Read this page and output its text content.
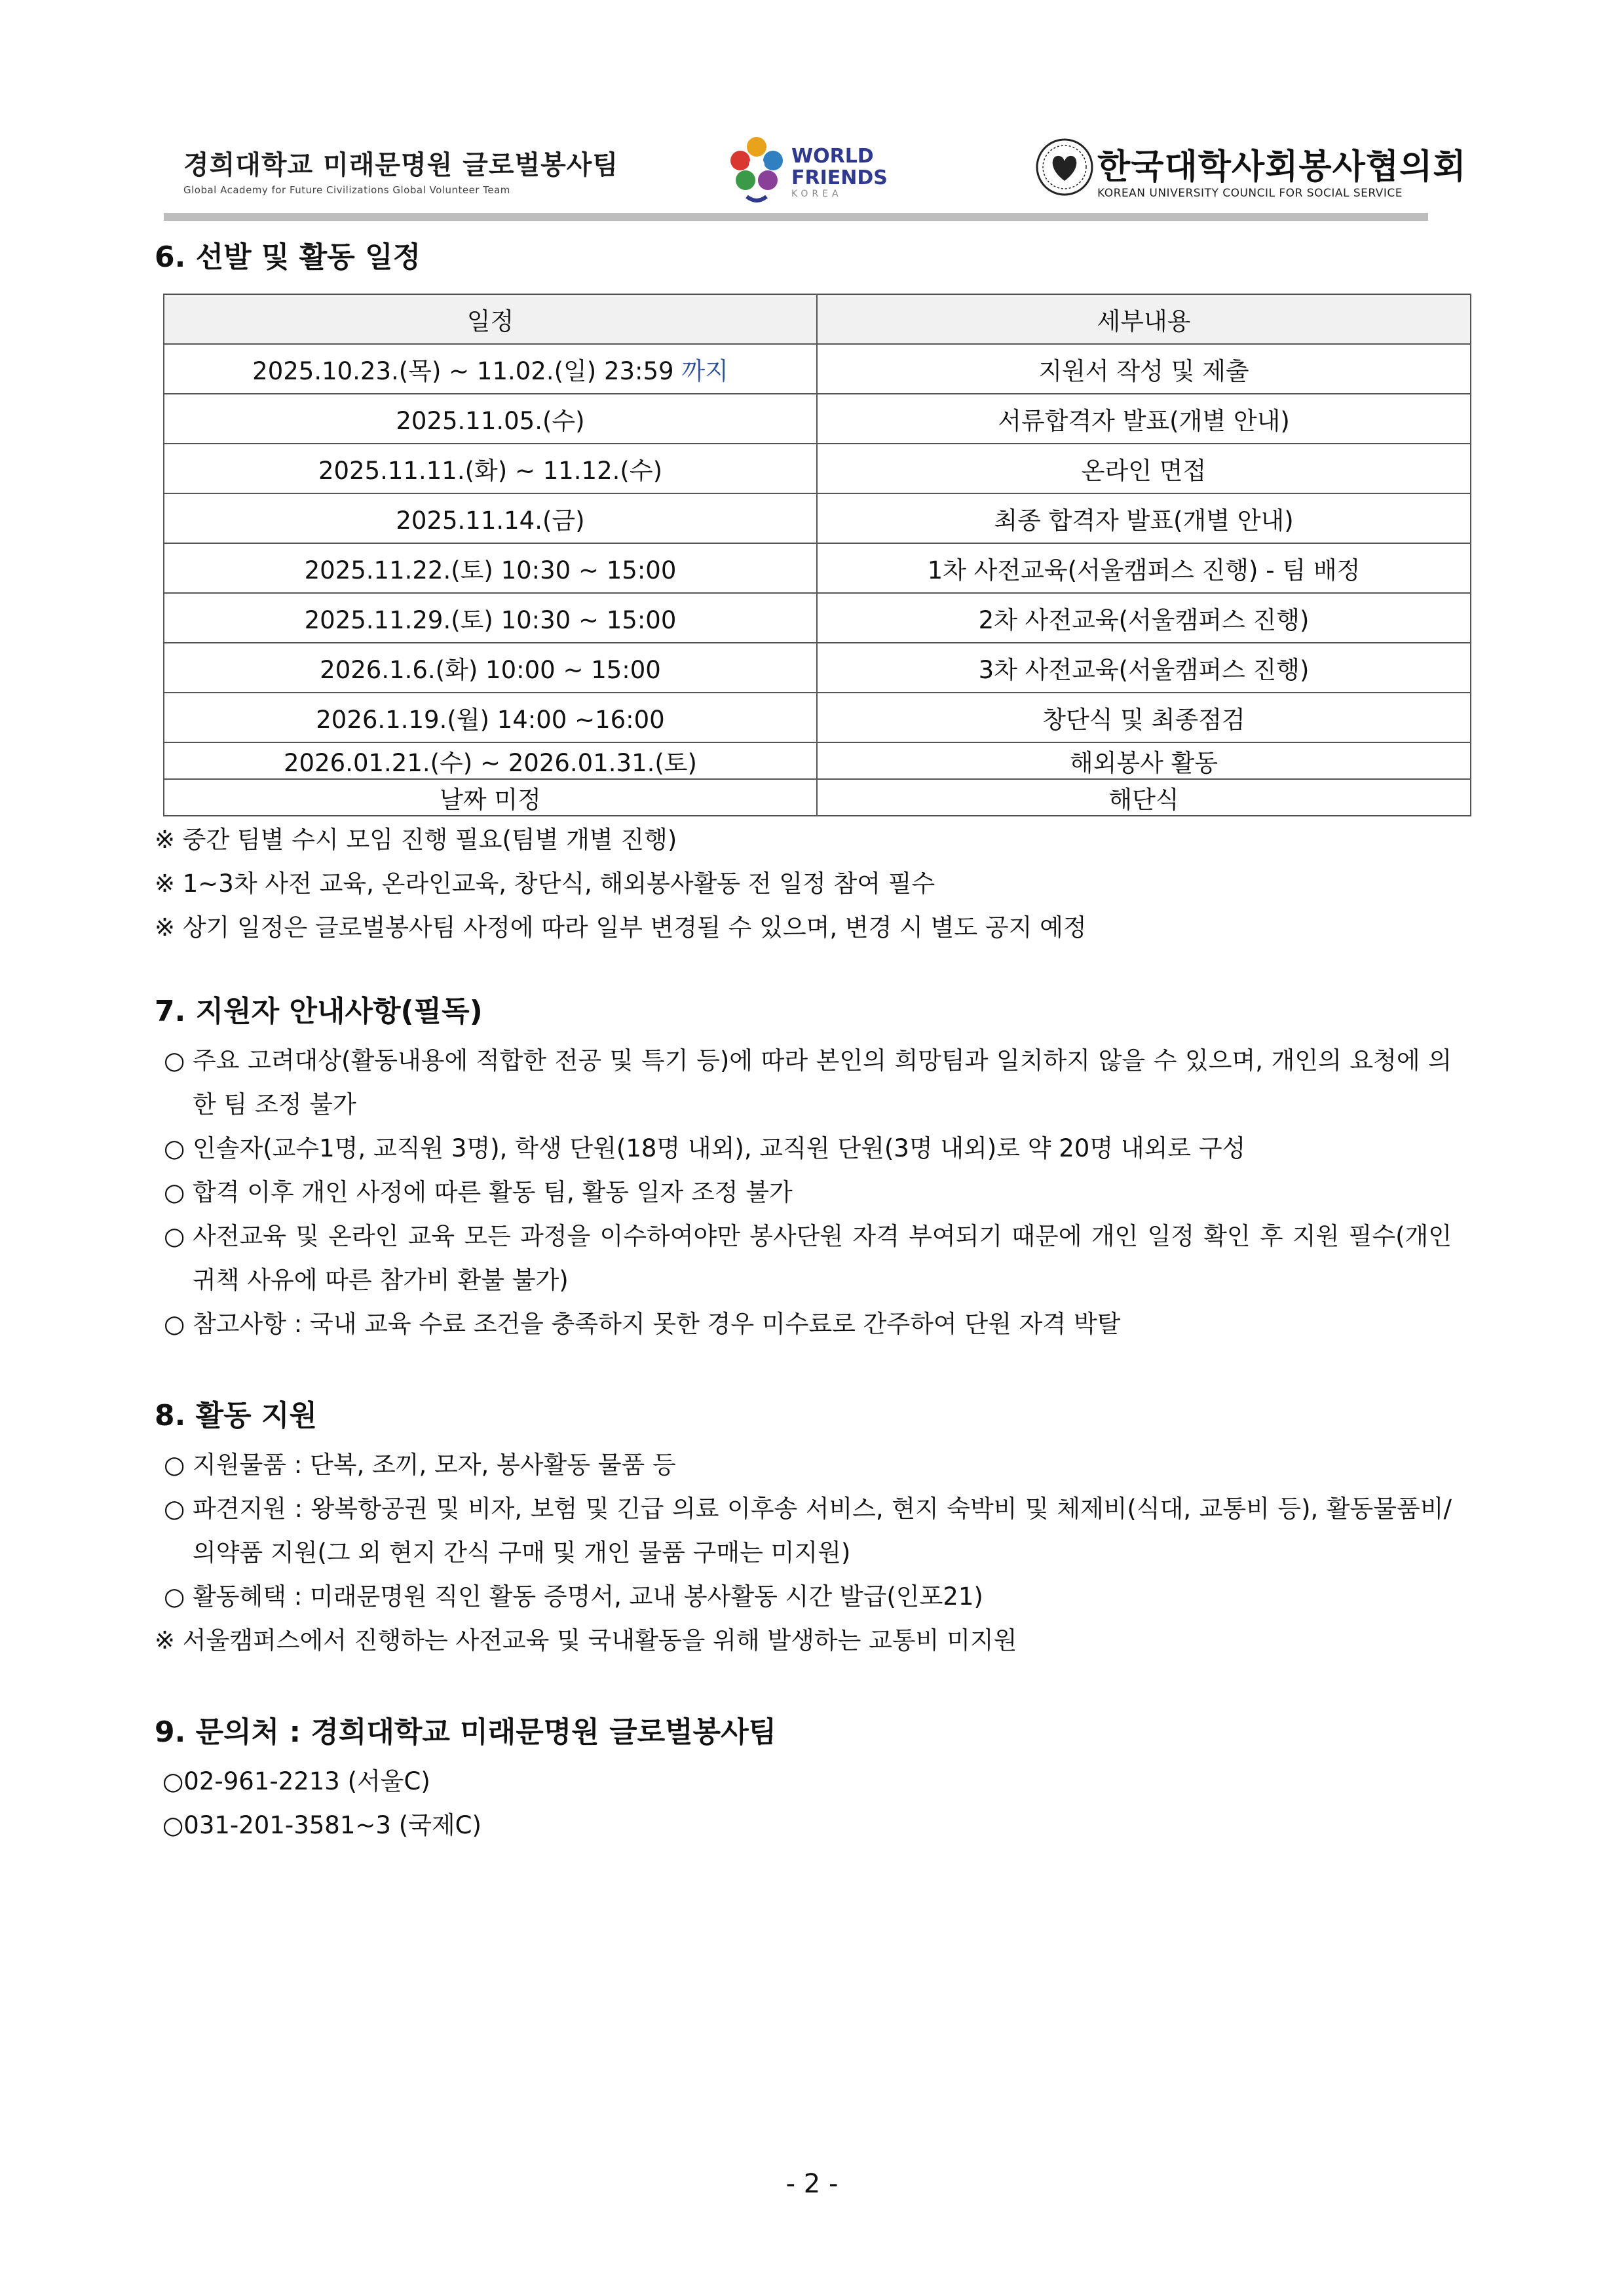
경희대학교 미래문명원 글로벌봉사팀
Global Academy for Future Civilizations Global Volunteer Team
WORLD
FRIENDS
KOREA
한국대학사회봉사협의회
KOREAN UNIVERSITY COUNCIL FOR SOCIAL SERVICE
6. 선발 및 활동 일정
일정	세부내용
2025.10.23.(목) ~ 11.02.(일) 23:59 까지	지원서 작성 및 제출
2025.11.05.(수)	서류합격자 발표(개별 안내)
2025.11.11.(화) ~ 11.12.(수)	온라인 면접
2025.11.14.(금)	최종 합격자 발표(개별 안내)
2025.11.22.(토) 10:30 ~ 15:00	1차 사전교육(서울캠퍼스 진행) - 팀 배정
2025.11.29.(토) 10:30 ~ 15:00	2차 사전교육(서울캠퍼스 진행)
2026.1.6.(화) 10:00 ~ 15:00	3차 사전교육(서울캠퍼스 진행)
2026.1.19.(월) 14:00 ~16:00	창단식 및 최종점검
2026.01.21.(수) ~ 2026.01.31.(토)	해외봉사 활동
날짜 미정	해단식
※ 중간 팀별 수시 모임 진행 필요(팀별 개별 진행)
※ 1~3차 사전 교육, 온라인교육, 창단식, 해외봉사활동 전 일정 참여 필수
※ 상기 일정은 글로벌봉사팀 사정에 따라 일부 변경될 수 있으며, 변경 시 별도 공지 예정
7. 지원자 안내사항(필독)
○ 주요 고려대상(활동내용에 적합한 전공 및 특기 등)에 따라 본인의 희망팀과 일치하지 않을 수 있으며, 개인의 요청에 의한 팀 조정 불가
○ 인솔자(교수1명, 교직원 3명), 학생 단원(18명 내외), 교직원 단원(3명 내외)로 약 20명 내외로 구성
○ 합격 이후 개인 사정에 따른 활동 팀, 활동 일자 조정 불가
○ 사전교육 및 온라인 교육 모든 과정을 이수하여야만 봉사단원 자격 부여되기 때문에 개인 일정 확인 후 지원 필수(개인 귀책 사유에 따른 참가비 환불 불가)
○ 참고사항 : 국내 교육 수료 조건을 충족하지 못한 경우 미수료로 간주하여 단원 자격 박탈
8. 활동 지원
○ 지원물품 : 단복, 조끼, 모자, 봉사활동 물품 등
○ 파견지원 : 왕복항공권 및 비자, 보험 및 긴급 의료 이후송 서비스, 현지 숙박비 및 체제비(식대, 교통비 등), 활동물품비/의약품 지원(그 외 현지 간식 구매 및 개인 물품 구매는 미지원)
○ 활동혜택 : 미래문명원 직인 활동 증명서, 교내 봉사활동 시간 발급(인포21)
※ 서울캠퍼스에서 진행하는 사전교육 및 국내활동을 위해 발생하는 교통비 미지원
9. 문의처 : 경희대학교 미래문명원 글로벌봉사팀
○02-961-2213 (서울C)
○031-201-3581~3 (국제C)
- 2 -
